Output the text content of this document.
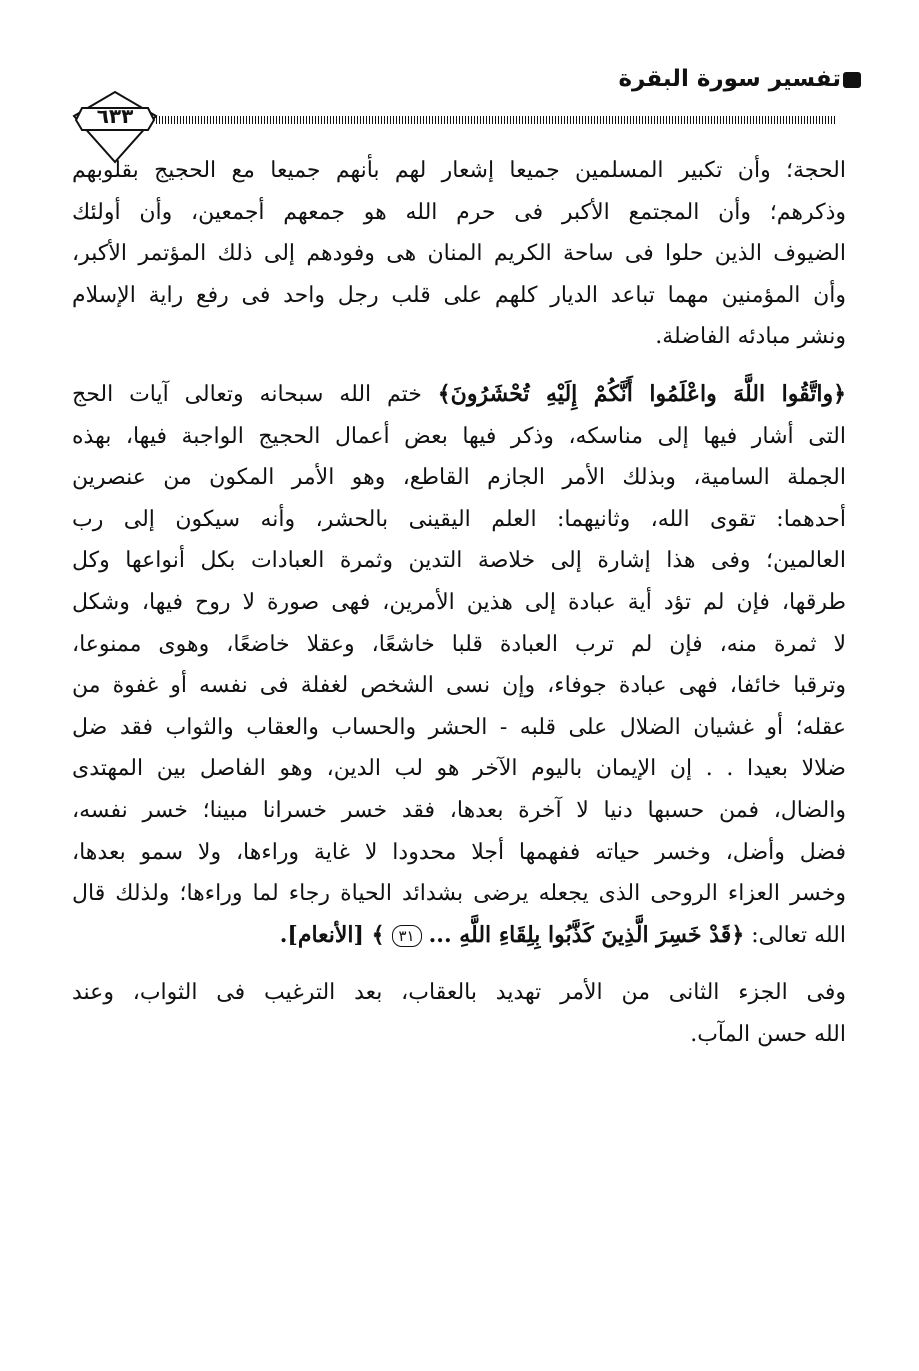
تفسير سورة البقرة
٦٣٣
الحجة؛ وأن تكبير المسلمين جميعا إشعار لهم بأنهم جميعا مع الحجيج بقلوبهم
وذكرهم؛ وأن المجتمع الأكبر فى حرم الله هو جمعهم أجمعين، وأن أولئك
الضيوف الذين حلوا فى ساحة الكريم المنان هى وفودهم إلى ذلك المؤتمر الأكبر،
وأن المؤمنين مهما تباعد الديار كلهم على قلب رجل واحد فى رفع راية الإسلام
ونشر مبادئه الفاضلة.
﴿واتَّقُوا اللَّهَ واعْلَمُوا أَنَّكُمْ إِلَيْهِ تُحْشَرُونَ﴾ ختم الله سبحانه وتعالى آيات الحج
التى أشار فيها إلى مناسكه، وذكر فيها بعض أعمال الحجيج الواجبة فيها، بهذه
الجملة السامية، وبذلك الأمر الجازم القاطع، وهو الأمر المكون من عنصرين
أحدهما: تقوى الله، وثانيهما: العلم اليقينى بالحشر، وأنه سيكون إلى رب
العالمين؛ وفى هذا إشارة إلى خلاصة التدين وثمرة العبادات بكل أنواعها وكل
طرقها، فإن لم تؤد أية عبادة إلى هذين الأمرين، فهى صورة لا روح فيها، وشكل
لا ثمرة منه، فإن لم ترب العبادة قلبا خاشعًا، وعقلا خاضعًا، وهوى ممنوعا،
وترقبا خائفا، فهى عبادة جوفاء، وإن نسى الشخص لغفلة فى نفسه أو غفوة من
عقله؛ أو غشيان الضلال على قلبه - الحشر والحساب والعقاب والثواب فقد ضل
ضلالا بعيدا . . إن الإيمان باليوم الآخر هو لب الدين، وهو الفاصل بين المهتدى
والضال، فمن حسبها دنيا لا آخرة بعدها، فقد خسر خسرانا مبينا؛ خسر نفسه،
فضل وأضل، وخسر حياته ففهمها أجلا محدودا لا غاية وراءها، ولا سمو بعدها،
وخسر العزاء الروحى الذى يجعله يرضى بشدائد الحياة رجاء لما وراءها؛ ولذلك قال
الله تعالى: ﴿قَدْ خَسِرَ الَّذِينَ كَذَّبُوا بِلِقَاءِ اللَّهِ ... ٣١ ﴾ [الأنعام].
وفى الجزء الثانى من الأمر تهديد بالعقاب، بعد الترغيب فى الثواب، وعند
الله حسن المآب.
